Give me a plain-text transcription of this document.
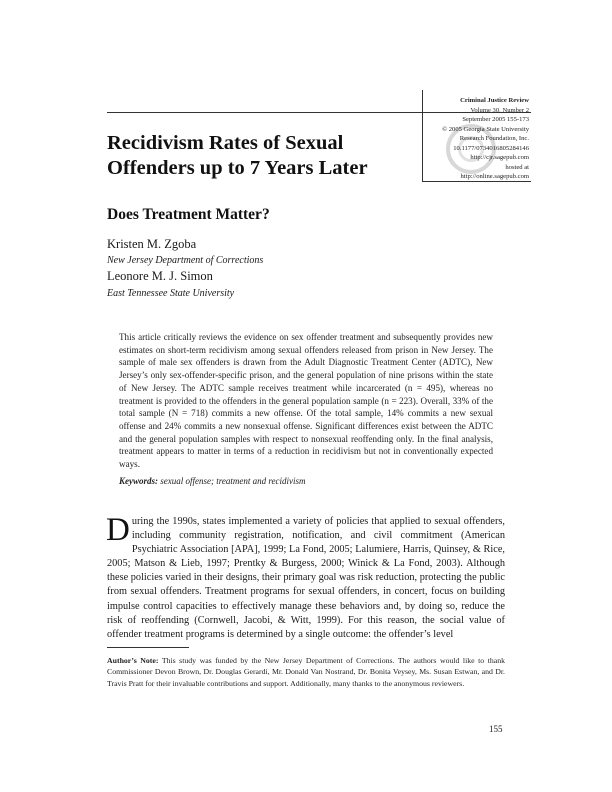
Criminal Justice Review
Volume 30, Number 2
September 2005 155-173
© 2005 Georgia State University
Research Foundation, Inc.
10.1177/0734016805284146
http://cjr.sagepub.com
hosted at
http://online.sagepub.com
Recidivism Rates of Sexual Offenders up to 7 Years Later
Does Treatment Matter?
Kristen M. Zgoba
New Jersey Department of Corrections
Leonore M. J. Simon
East Tennessee State University
This article critically reviews the evidence on sex offender treatment and subsequently provides new estimates on short-term recidivism among sexual offenders released from prison in New Jersey. The sample of male sex offenders is drawn from the Adult Diagnostic Treatment Center (ADTC), New Jersey’s only sex-offender-specific prison, and the general population of nine prisons within the state of New Jersey. The ADTC sample receives treatment while incarcerated (n = 495), whereas no treatment is provided to the offenders in the general population sample (n = 223). Overall, 33% of the total sample (N = 718) commits a new offense. Of the total sample, 14% commits a new sexual offense and 24% commits a new nonsexual offense. Significant differences exist between the ADTC and the general population samples with respect to nonsexual reoffending only. In the final analysis, treatment appears to matter in terms of a reduction in recidivism but not in conventionally expected ways.
Keywords: sexual offense; treatment and recidivism
During the 1990s, states implemented a variety of policies that applied to sexual offenders, including community registration, notification, and civil commitment (American Psychiatric Association [APA], 1999; La Fond, 2005; Lalumiere, Harris, Quinsey, & Rice, 2005; Matson & Lieb, 1997; Prentky & Burgess, 2000; Winick & La Fond, 2003). Although these policies varied in their designs, their primary goal was risk reduction, protecting the public from sexual offenders. Treatment programs for sexual offenders, in concert, focus on building impulse control capacities to effectively manage these behaviors and, by doing so, reduce the risk of reoffending (Cornwell, Jacobi, & Witt, 1999). For this reason, the social value of offender treatment programs is determined by a single outcome: the offender’s level
Author’s Note: This study was funded by the New Jersey Department of Corrections. The authors would like to thank Commissioner Devon Brown, Dr. Douglas Gerardi, Mr. Donald Van Nostrand, Dr. Bonita Veysey, Ms. Susan Estwan, and Dr. Travis Pratt for their invaluable contributions and support. Additionally, many thanks to the anonymous reviewers.
155
